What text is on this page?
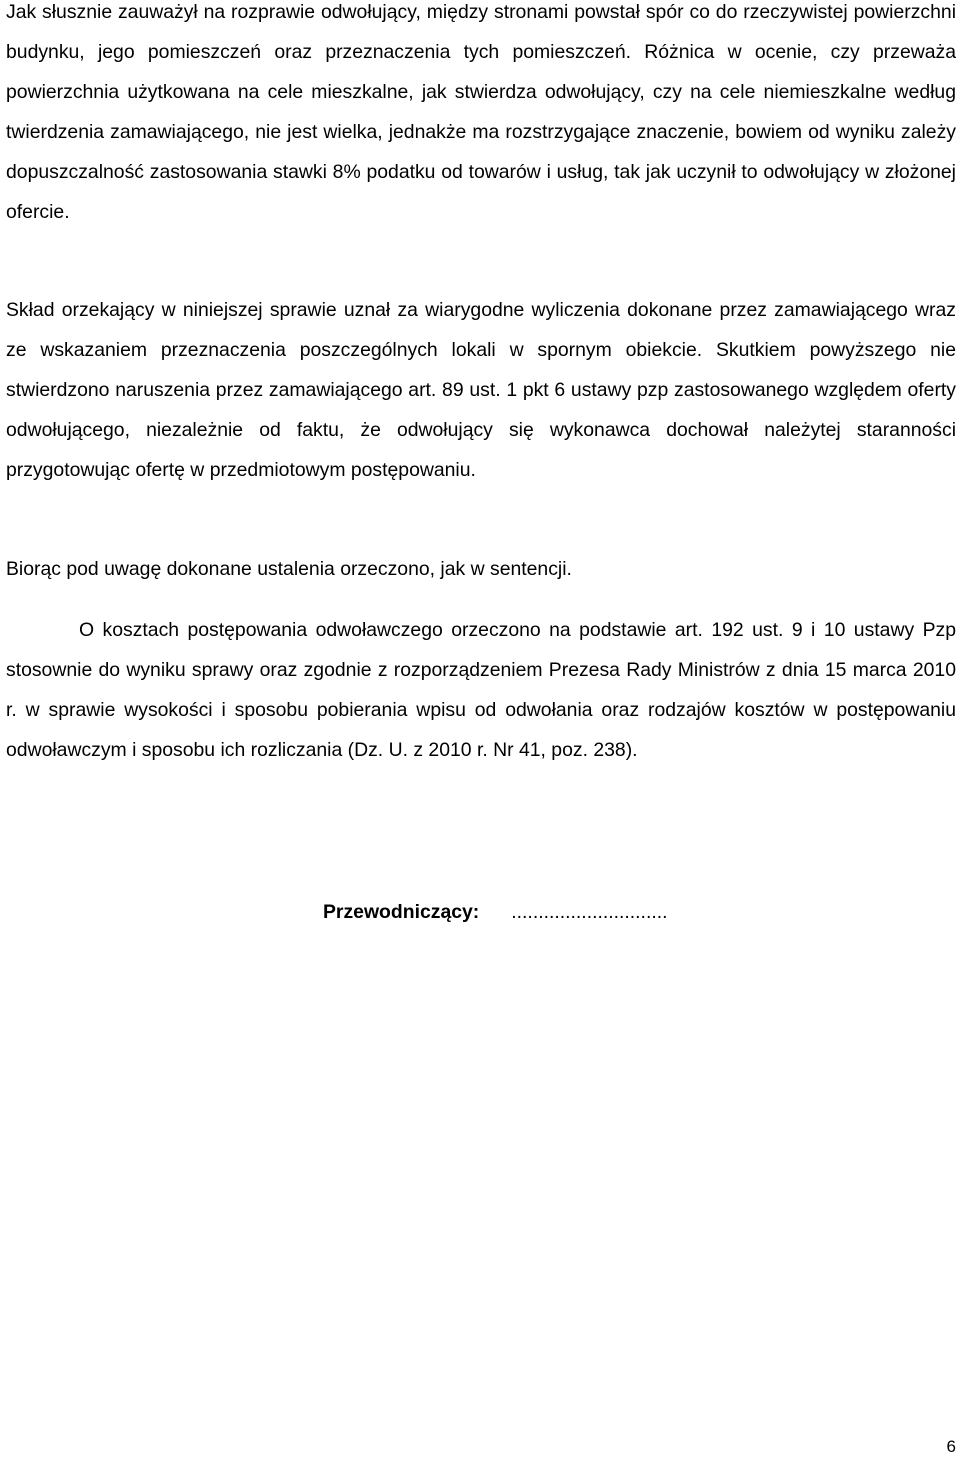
Jak słusznie zauważył na rozprawie odwołujący, między stronami powstał spór co do rzeczywistej powierzchni budynku, jego pomieszczeń oraz przeznaczenia tych pomieszczeń. Różnica w ocenie, czy przeważa powierzchnia użytkowana na cele mieszkalne, jak stwierdza odwołujący, czy na cele niemieszkalne według twierdzenia zamawiającego, nie jest wielka, jednakże ma rozstrzygające znaczenie, bowiem od wyniku zależy dopuszczalność zastosowania stawki 8% podatku od towarów i usług, tak jak uczynił to odwołujący w złożonej ofercie.

Skład orzekający w niniejszej sprawie uznał za wiarygodne wyliczenia dokonane przez zamawiającego wraz ze wskazaniem przeznaczenia poszczególnych lokali w spornym obiekcie. Skutkiem powyższego nie stwierdzono naruszenia przez zamawiającego art. 89 ust. 1 pkt 6 ustawy pzp zastosowanego względem oferty odwołującego, niezależnie od faktu, że odwołujący się wykonawca dochował należytej staranności przygotowując ofertę w przedmiotowym postępowaniu.

Biorąc pod uwagę dokonane ustalenia orzeczono, jak w sentencji.

O kosztach postępowania odwoławczego orzeczono na podstawie art. 192 ust. 9 i 10 ustawy Pzp stosownie do wyniku sprawy oraz zgodnie z rozporządzeniem Prezesa Rady Ministrów z dnia 15 marca 2010 r. w sprawie wysokości i sposobu pobierania wpisu od odwołania oraz rodzajów kosztów w postępowaniu odwoławczym i sposobu ich rozliczania (Dz. U. z 2010 r. Nr 41, poz. 238).

Przewodniczący: .............................
6
